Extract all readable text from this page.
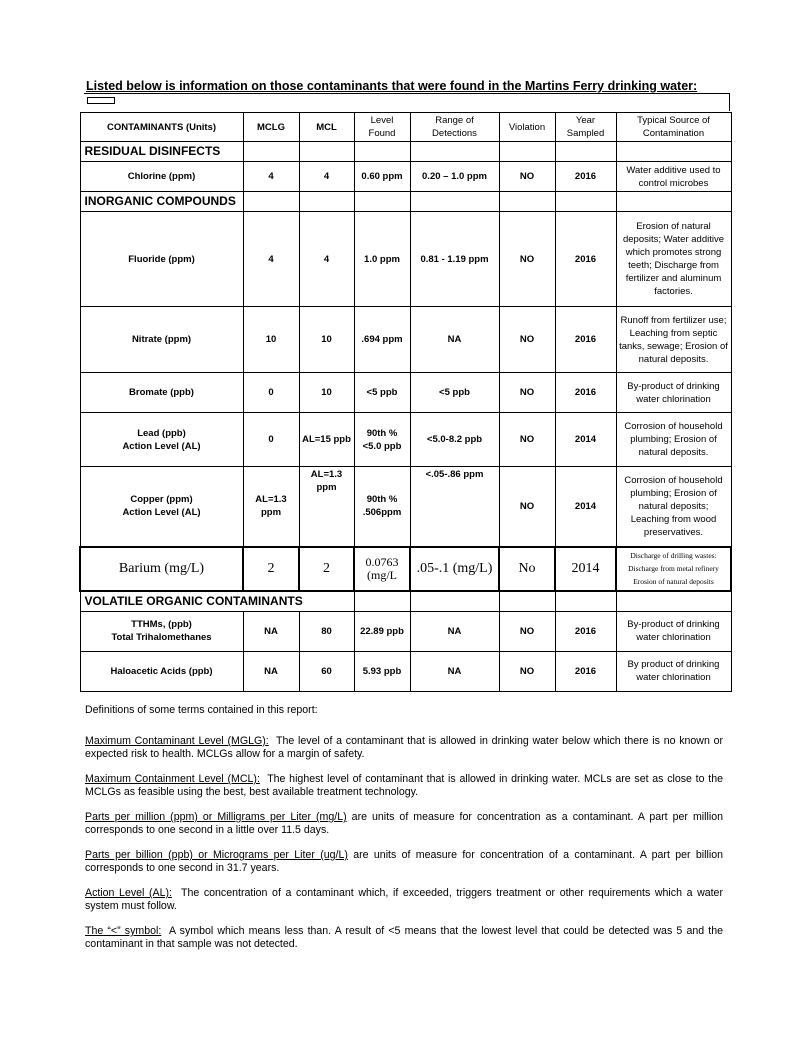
Listed below is information on those contaminants that were found in the Martins Ferry drinking water:
CONTAMINANTS (Units)	MCLG	MCL	Level Found	Range of Detections	Violation	Year Sampled	Typical Source of Contamination
RESIDUAL DISINFECTS							
Chlorine (ppm)	4	4	0.60 ppm	0.20 – 1.0 ppm	NO	2016	Water additive used to control microbes
INORGANIC COMPOUNDS							
Fluoride (ppm)	4	4	1.0 ppm	0.81 - 1.19 ppm	NO	2016	Erosion of natural deposits; Water additive which promotes strong teeth; Discharge from fertilizer and aluminum factories.
Nitrate (ppm)	10	10	.694 ppm	NA	NO	2016	Runoff from fertilizer use; Leaching from septic tanks, sewage; Erosion of natural deposits.
Bromate (ppb)	0	10	<5 ppb	<5 ppb	NO	2016	By-product of drinking water chlorination

Lead (ppb)
Action Level (AL)	0	AL=15 ppb	90th % <5.0 ppb	<5.0-8.2 ppb	NO	2014	Corrosion of household plumbing; Erosion of natural deposits.

Copper (ppm)
Action Level (AL)	AL=1.3 ppm	AL=1.3 ppm	90th % .506ppm	<.05-.86 ppm	NO	2014	Corrosion of household plumbing; Erosion of natural deposits; Leaching from wood preservatives.
Barium (mg/L)	2	2	0.0763 (mg/L	.05-.1 (mg/L)	No	2014	Discharge of drilling wastes: Discharge from metal refinery Erosion of natural deposits
VOLATILE ORGANIC CONTAMINANTS							

TTHMs, (ppb)
Total Trihalomethanes	NA	80	22.89 ppb	NA	NO	2016	By-product of drinking water chlorination
Haloacetic Acids (ppb)	NA	60	5.93 ppb	NA	NO	2016	By product of drinking water chlorination

Definitions of some terms contained in this report:

Maximum Contaminant Level (MGLG): The level of a contaminant that is allowed in drinking water below which there is no known or expected risk to health. MCLGs allow for a margin of safety.

Maximum Containment Level (MCL): The highest level of contaminant that is allowed in drinking water. MCLs are set as close to the MCLGs as feasible using the best, best available treatment technology.

Parts per million (ppm) or Milligrams per Liter (mg/L) are units of measure for concentration as a contaminant. A part per million corresponds to one second in a little over 11.5 days.

Parts per billion (ppb) or Micrograms per Liter (ug/L) are units of measure for concentration of a contaminant. A part per billion corresponds to one second in 31.7 years.

Action Level (AL): The concentration of a contaminant which, if exceeded, triggers treatment or other requirements which a water system must follow.

The “<” symbol: A symbol which means less than. A result of <5 means that the lowest level that could be detected was 5 and the contaminant in that sample was not detected.
